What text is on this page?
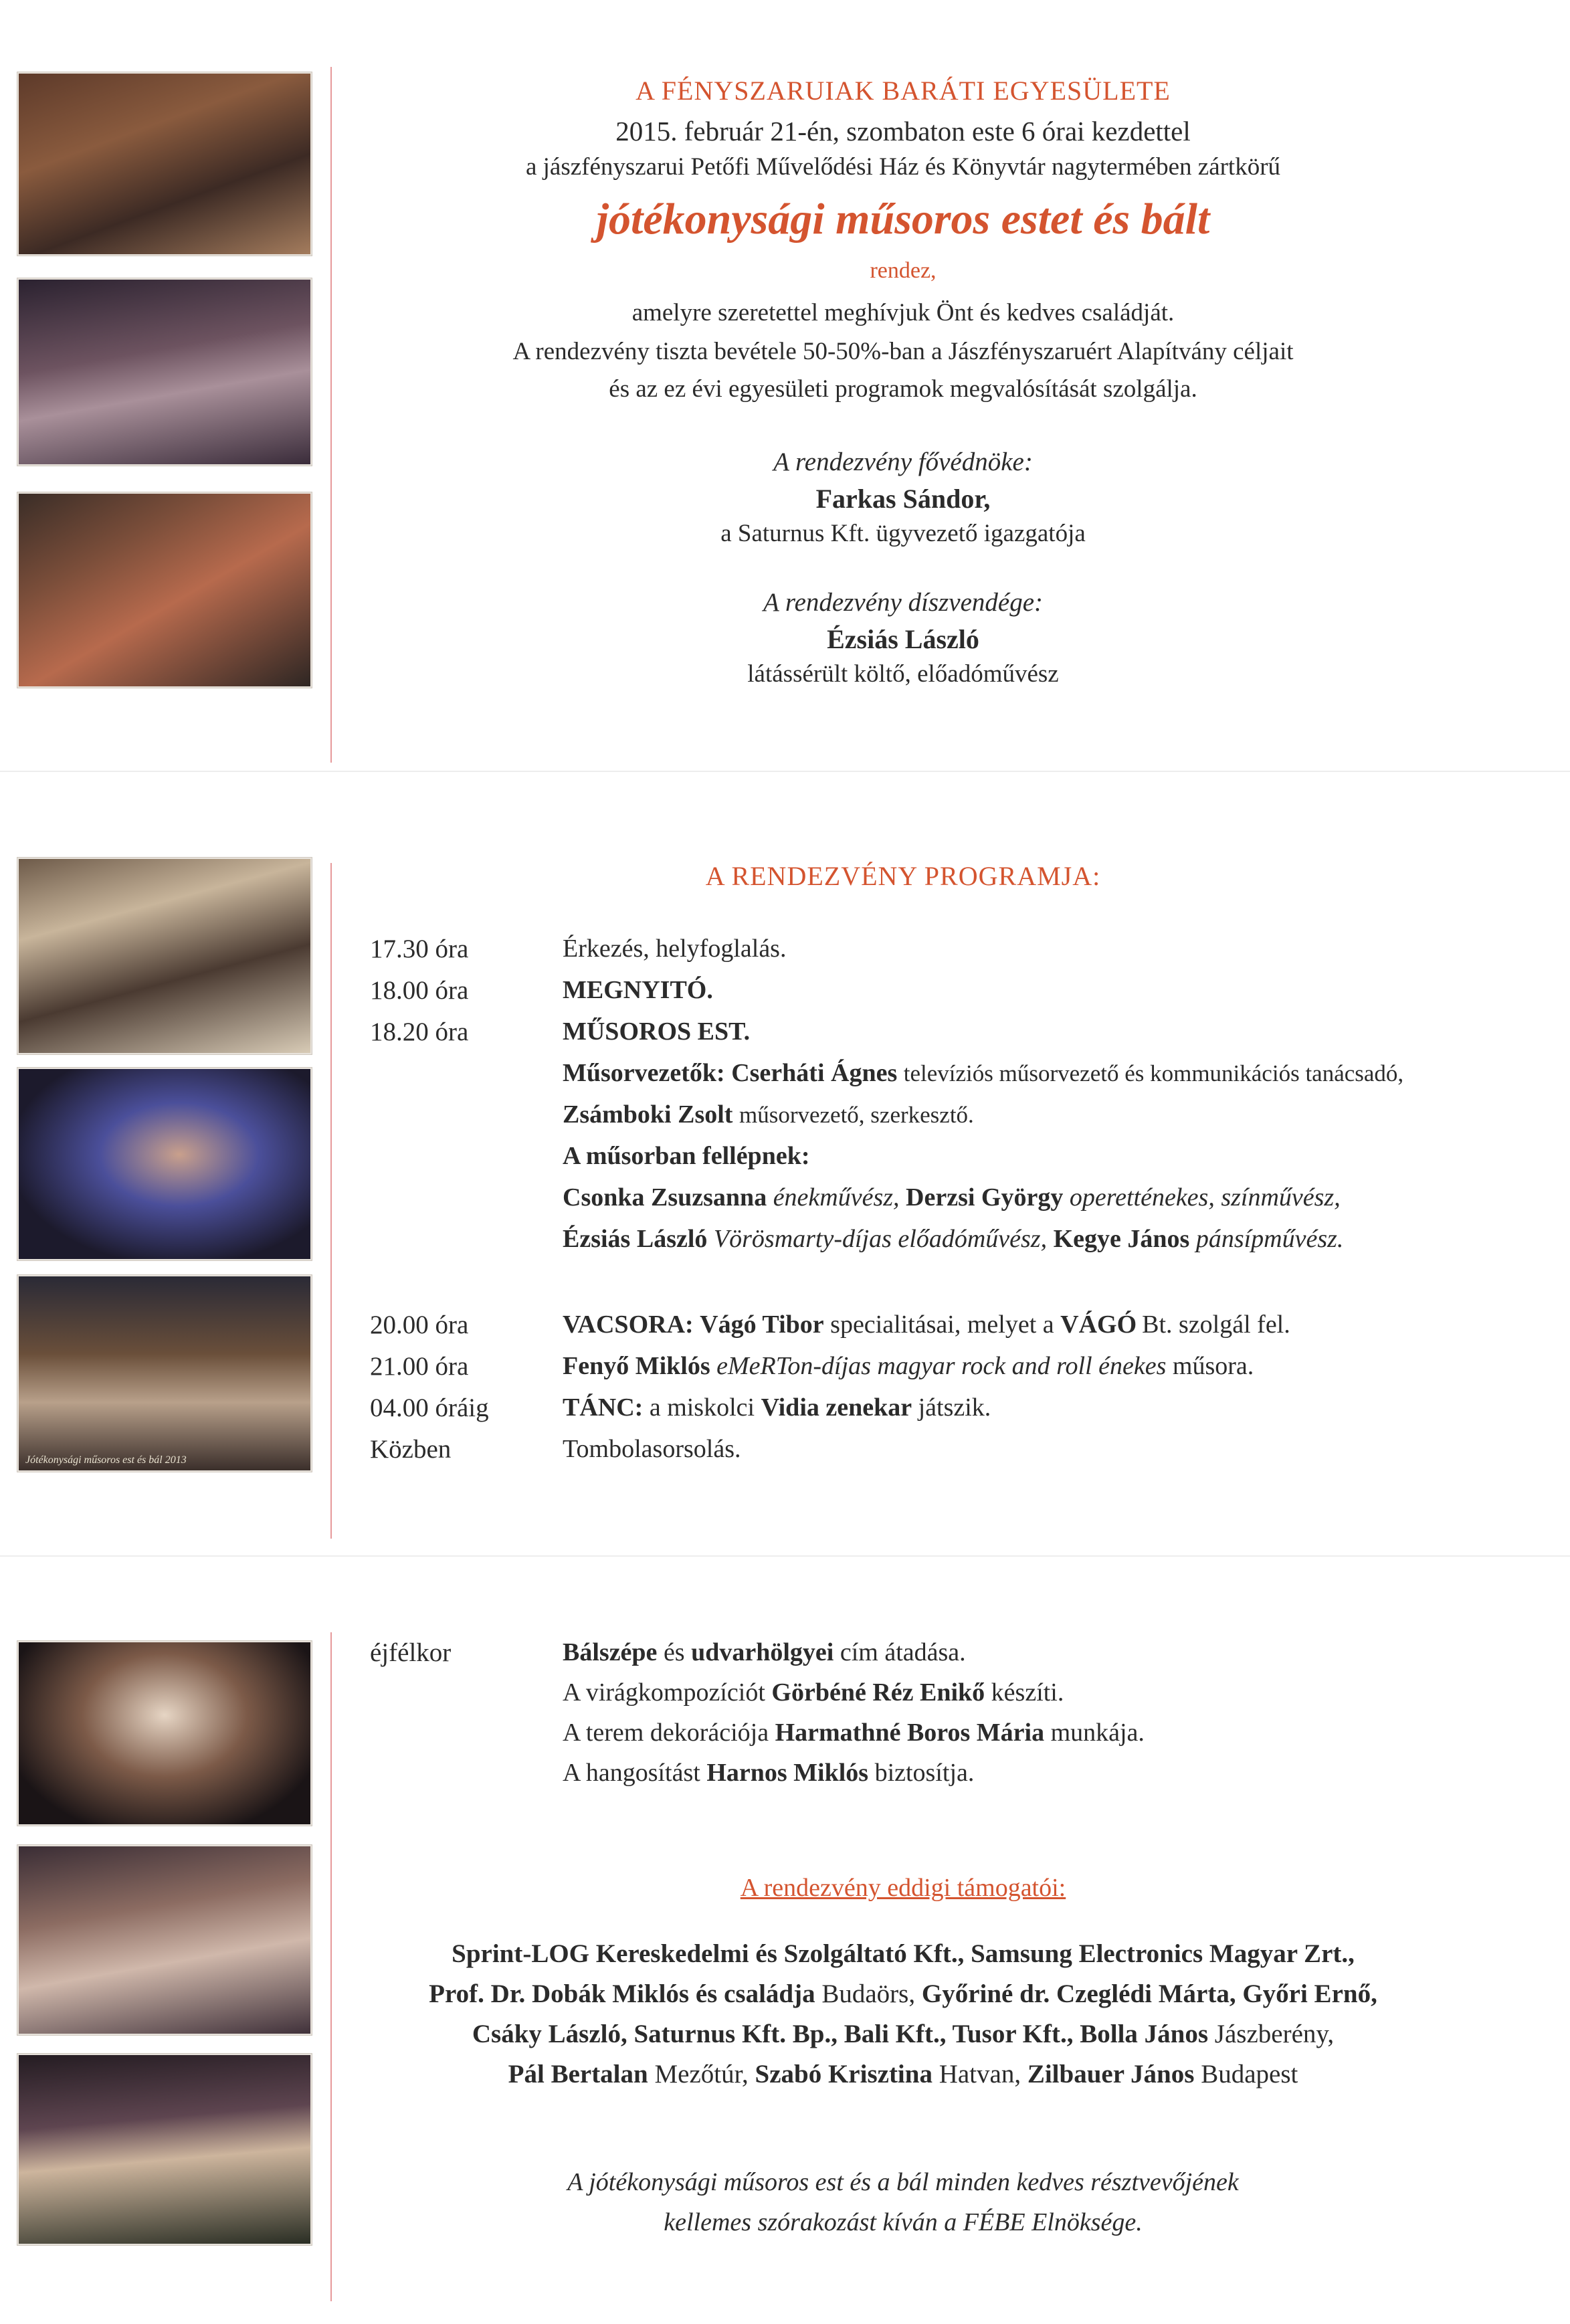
Jótékonysági műsoros est és bál 2013
A FÉNYSZARUIAK BARÁTI EGYESÜLETE
2015. február 21-én, szombaton este 6 órai kezdettel
a jászfényszarui Petőfi Művelődési Ház és Könyvtár nagytermében zártkörű
jótékonysági műsoros estet és bált
rendez,
amelyre szeretettel meghívjuk Önt és kedves családját.
A rendezvény tiszta bevétele 50-50%-ban a Jászfényszaruért Alapítvány céljait
és az ez évi egyesületi programok megvalósítását szolgálja.
A rendezvény fővédnöke:
Farkas Sándor,
a Saturnus Kft. ügyvezető igazgatója
A rendezvény díszvendége:
Ézsiás László
látássérült költő, előadóművész
A RENDEZVÉNY PROGRAMJA:
17.30 óra	Érkezés, helyfoglalás.
18.00 óra	MEGNYITÓ.
18.20 óra	MŰSOROS EST.
Műsorvezetők: Cserháti Ágnes televíziós műsorvezető és kommunikációs tanácsadó,
Zsámboki Zsolt műsorvezető, szerkesztő.
A műsorban fellépnek:
Csonka Zsuzsanna énekművész, Derzsi György operetténekes, színművész,
Ézsiás László Vörösmarty-díjas előadóművész, Kegye János pánsípművész.
20.00 óra	VACSORA: Vágó Tibor specialitásai, melyet a VÁGÓ Bt. szolgál fel.
21.00 óra	Fenyő Miklós eMeRTon-díjas magyar rock and roll énekes műsora.
04.00 óráig	TÁNC: a miskolci Vidia zenekar játszik.
Közben	Tombolasorsolás.
éjfélkor	Bálszépe és udvarhölgyei cím átadása.
A virágkompozíciót Görbéné Réz Enikő készíti.
A terem dekorációja Harmathné Boros Mária munkája.
A hangosítást Harnos Miklós biztosítja.
A rendezvény eddigi támogatói:
Sprint-LOG Kereskedelmi és Szolgáltató Kft., Samsung Electronics Magyar Zrt.,
Prof. Dr. Dobák Miklós és családja Budaörs, Győriné dr. Czeglédi Márta, Győri Ernő,
Csáky László, Saturnus Kft. Bp., Bali Kft., Tusor Kft., Bolla János Jászberény,
Pál Bertalan Mezőtúr, Szabó Krisztina Hatvan, Zilbauer János Budapest
A jótékonysági műsoros est és a bál minden kedves résztvevőjének
kellemes szórakozást kíván a FÉBE Elnöksége.
